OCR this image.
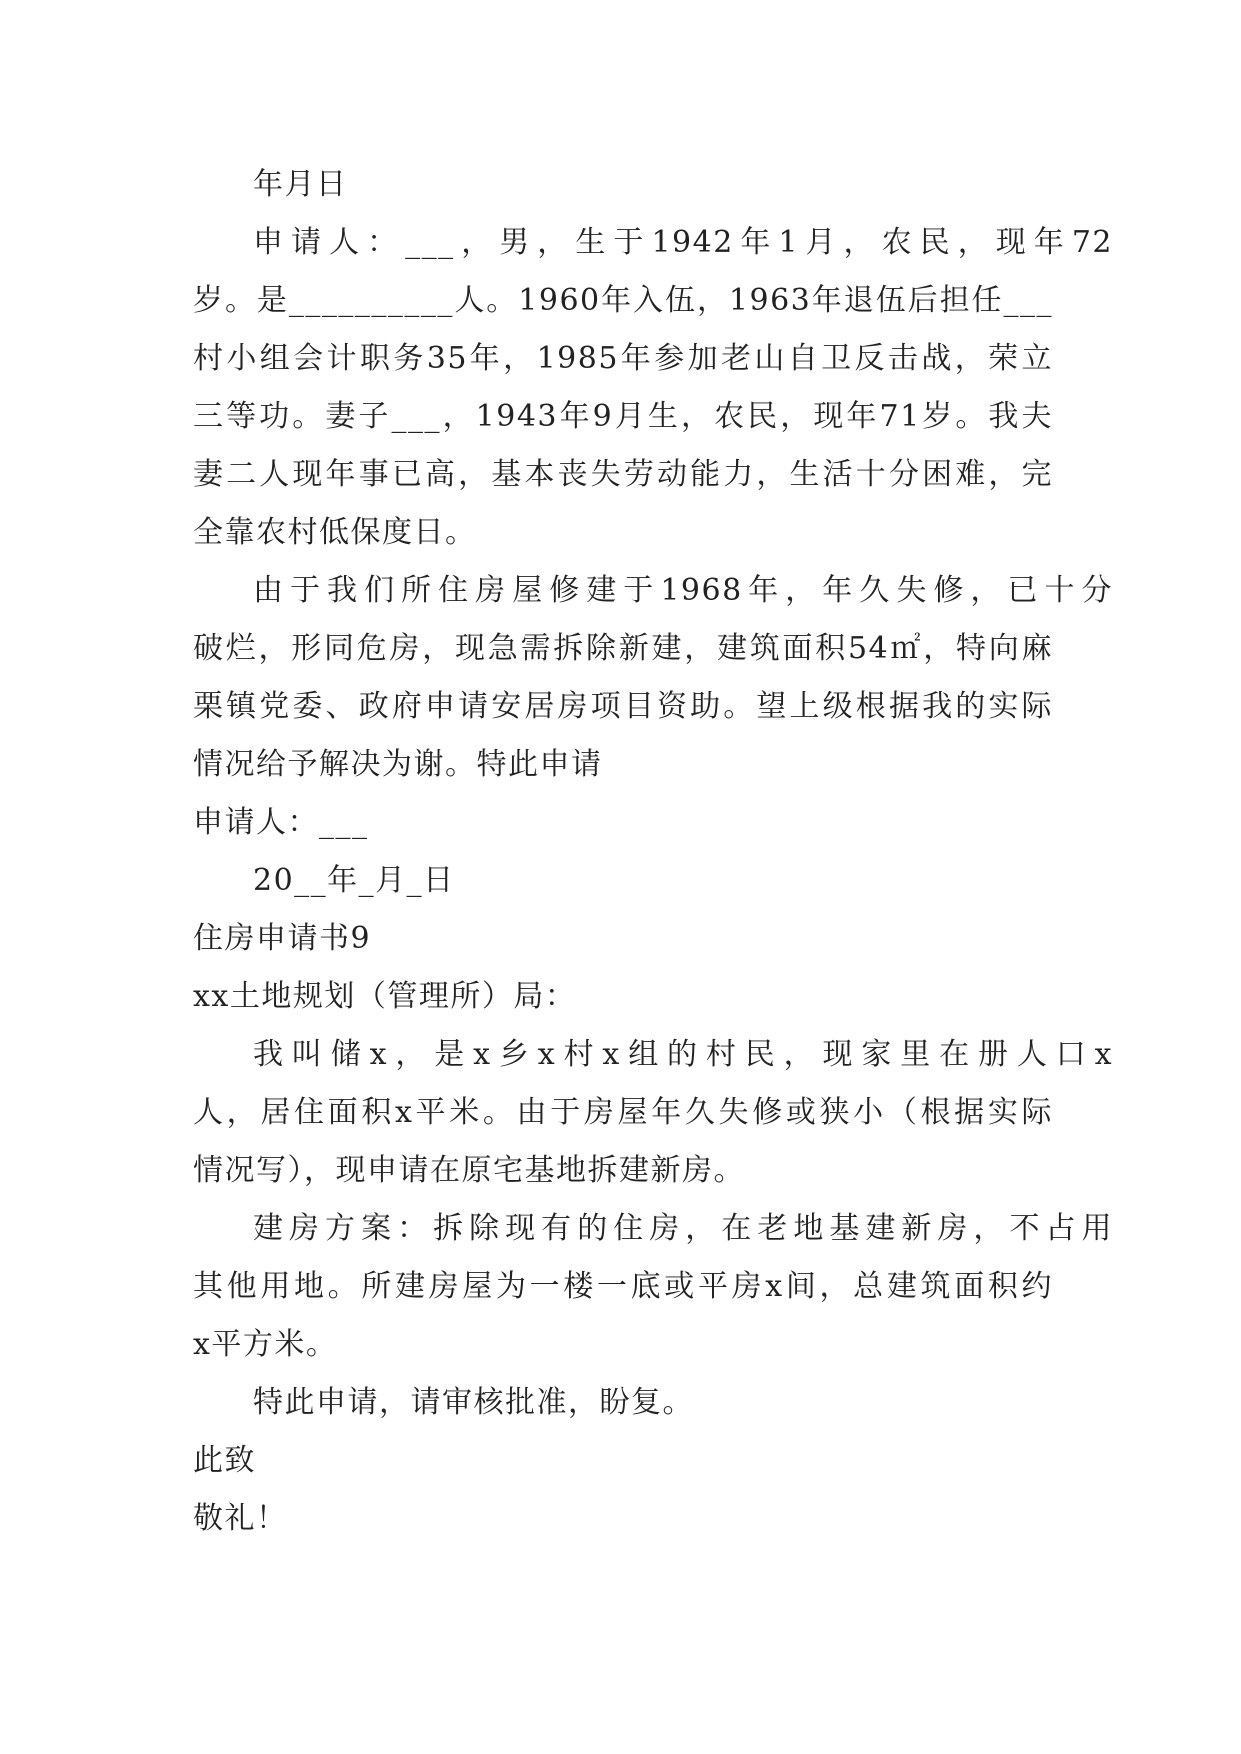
年月日
申请人：___，男，生于1942年1月，农民，现年72
岁。是__________人。1960年入伍，1963年退伍后担任___
村小组会计职务35年，1985年参加老山自卫反击战，荣立
三等功。妻子___，1943年9月生，农民，现年71岁。我夫
妻二人现年事已高，基本丧失劳动能力，生活十分困难，完
全靠农村低保度日。
由于我们所住房屋修建于1968年，年久失修，已十分
破烂，形同危房，现急需拆除新建，建筑面积54㎡，特向麻
栗镇党委、政府申请安居房项目资助。望上级根据我的实际
情况给予解决为谢。特此申请
申请人：___
20__年_月_日
住房申请书9
xx土地规划（管理所）局：
我叫储x，是x乡x村x组的村民，现家里在册人口x
人，居住面积x平米。由于房屋年久失修或狭小（根据实际
情况写），现申请在原宅基地拆建新房。
建房方案：拆除现有的住房，在老地基建新房，不占用
其他用地。所建房屋为一楼一底或平房x间，总建筑面积约
x平方米。
特此申请，请审核批准，盼复。
此致
敬礼！
